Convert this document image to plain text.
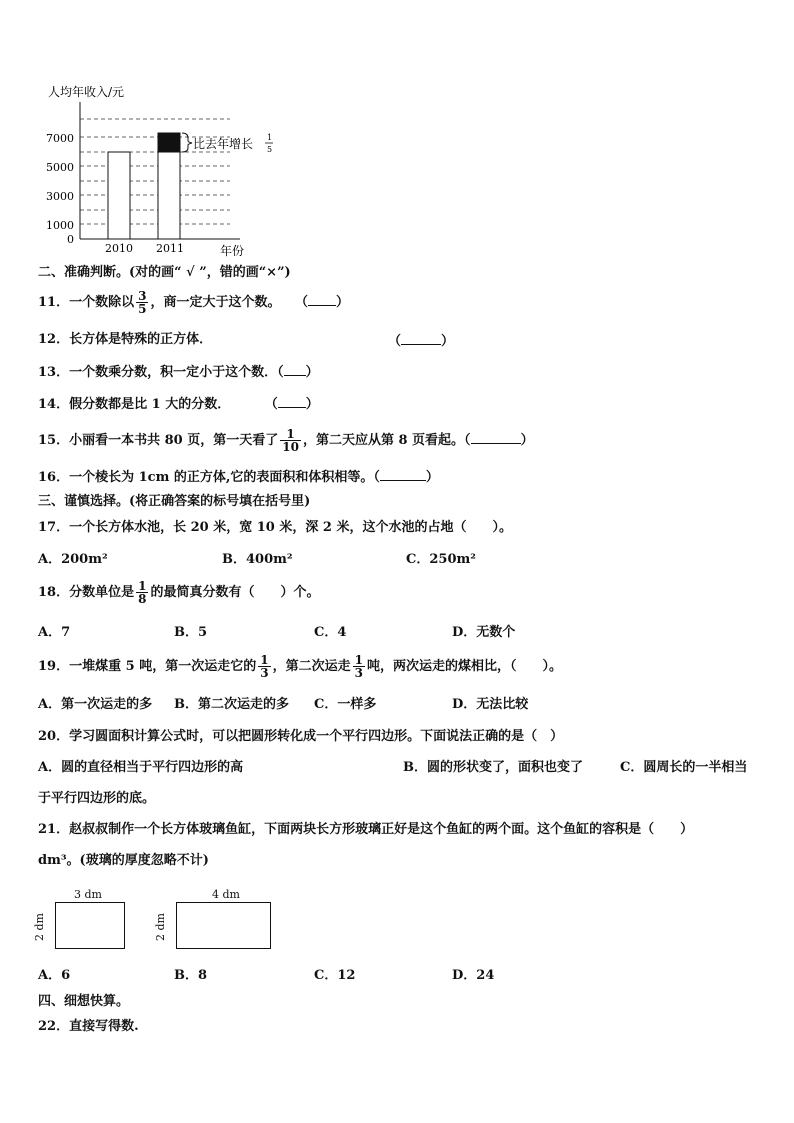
人均年收入/元
7000
5000
3000
1000
0
比去年增长 1
5
2010 2011	年份
二、准确判断。(对的画“ √ ”，错的画“×”)
11．一个数除以 $\frac{3}{5}$ ，商一定大于这个数。 （ ）
12．长方体是特殊的正方体．	（	）
13．一个数乘分数，积一定小于这个数．（ ）
14．假分数都是比 1 大的分数．	（ ）
15．小丽看一本书共 80 页，第一天看了 $\frac{1}{10}$ ，第二天应从第 8 页看起。（	）
16．一个棱长为 1cm 的正方体,它的表面积和体积相等。（	）
三、谨慎选择。(将正确答案的标号填在括号里)
17．一个长方体水池，长 20 米，宽 10 米，深 2 米，这个水池的占地（　　）。
A．200m²	B．400m²	C．250m²
18．分数单位是 $\frac{1}{8}$ 的最简真分数有（　　）个。
A．7	B．5	C．4	D．无数个
19．一堆煤重 5 吨，第一次运走它的 $\frac{1}{3}$ ，第二次运走 $\frac{1}{3}$ 吨，两次运走的煤相比，（　　）。
A．第一次运走的多 B．第二次运走的多 C．一样多	D．无法比较
20．学习圆面积计算公式时，可以把圆形转化成一个平行四边形。下面说法正确的是（　）
A．圆的直径相当于平行四边形的高	B．圆的形状变了，面积也变了	C．圆周长的一半相当
于平行四边形的底。
21．赵叔叔制作一个长方体玻璃鱼缸，下面两块长方形玻璃正好是这个鱼缸的两个面。这个鱼缸的容积是（　　）
dm³。(玻璃的厚度忽略不计)
3 dm
2 dm
4 dm
2 dm
A．6	B．8	C．12	D．24
四、细想快算。
22．直接写得数.
